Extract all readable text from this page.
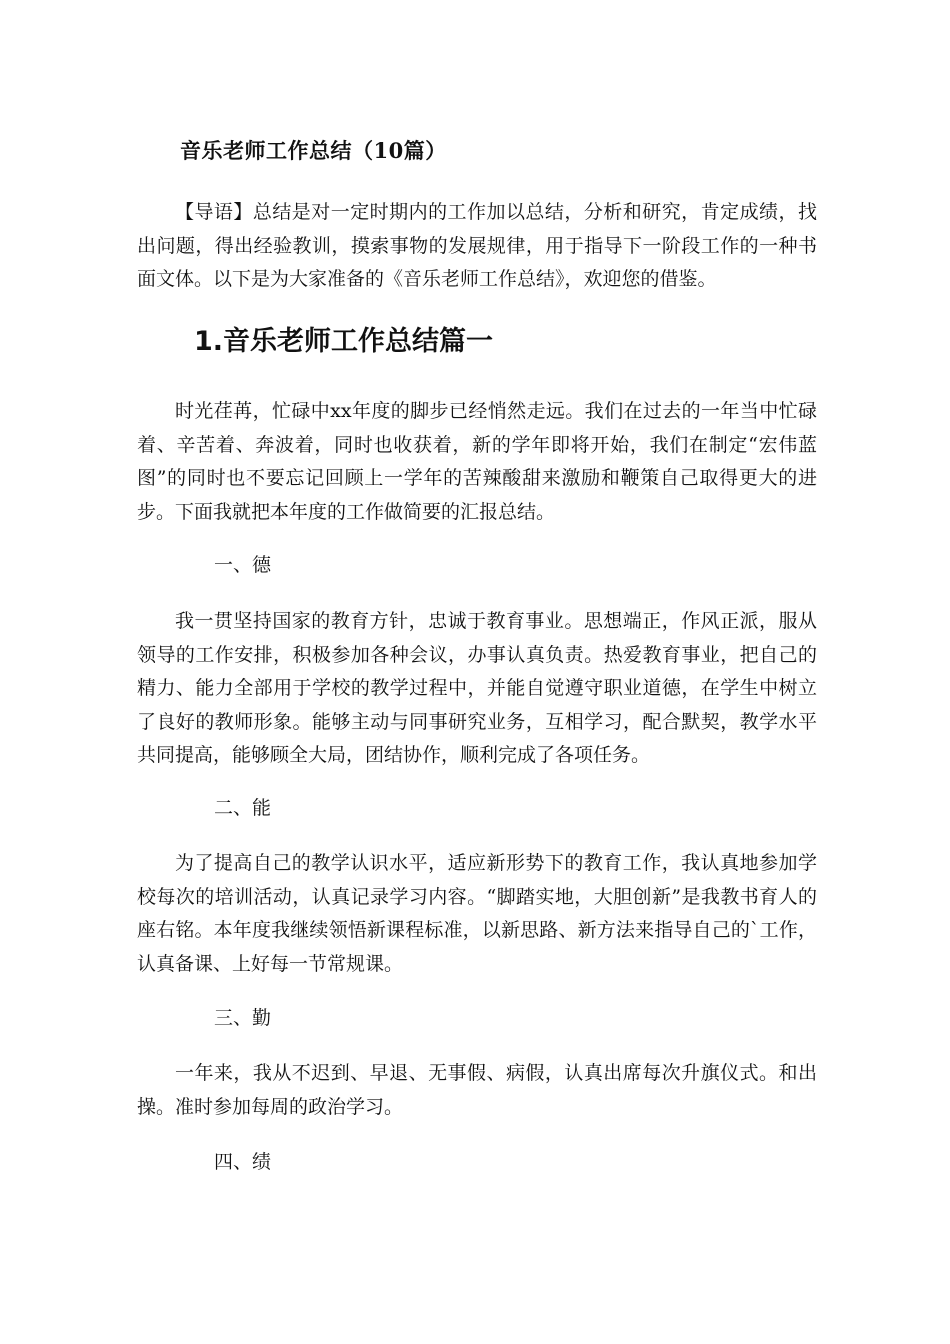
音乐老师工作总结（10篇）
【导语】总结是对一定时期内的工作加以总结，分析和研究，肯定成绩，找出问题，得出经验教训，摸索事物的发展规律，用于指导下一阶段工作的一种书面文体。以下是为大家准备的《音乐老师工作总结》，欢迎您的借鉴。
1.音乐老师工作总结篇一
时光荏苒，忙碌中xx年度的脚步已经悄然走远。我们在过去的一年当中忙碌着、辛苦着、奔波着，同时也收获着，新的学年即将开始，我们在制定“宏伟蓝图”的同时也不要忘记回顾上一学年的苦辣酸甜来激励和鞭策自己取得更大的进步。下面我就把本年度的工作做简要的汇报总结。
一、德
我一贯坚持国家的教育方针，忠诚于教育事业。思想端正，作风正派，服从领导的工作安排，积极参加各种会议，办事认真负责。热爱教育事业，把自己的精力、能力全部用于学校的教学过程中，并能自觉遵守职业道德，在学生中树立了良好的教师形象。能够主动与同事研究业务，互相学习，配合默契，教学水平共同提高，能够顾全大局，团结协作，顺利完成了各项任务。
二、能
为了提高自己的教学认识水平，适应新形势下的教育工作，我认真地参加学校每次的培训活动，认真记录学习内容。“脚踏实地，大胆创新”是我教书育人的座右铭。本年度我继续领悟新课程标准，以新思路、新方法来指导自己的`工作，认真备课、上好每一节常规课。
三、勤
一年来，我从不迟到、早退、无事假、病假，认真出席每次升旗仪式。和出操。准时参加每周的政治学习。
四、绩
